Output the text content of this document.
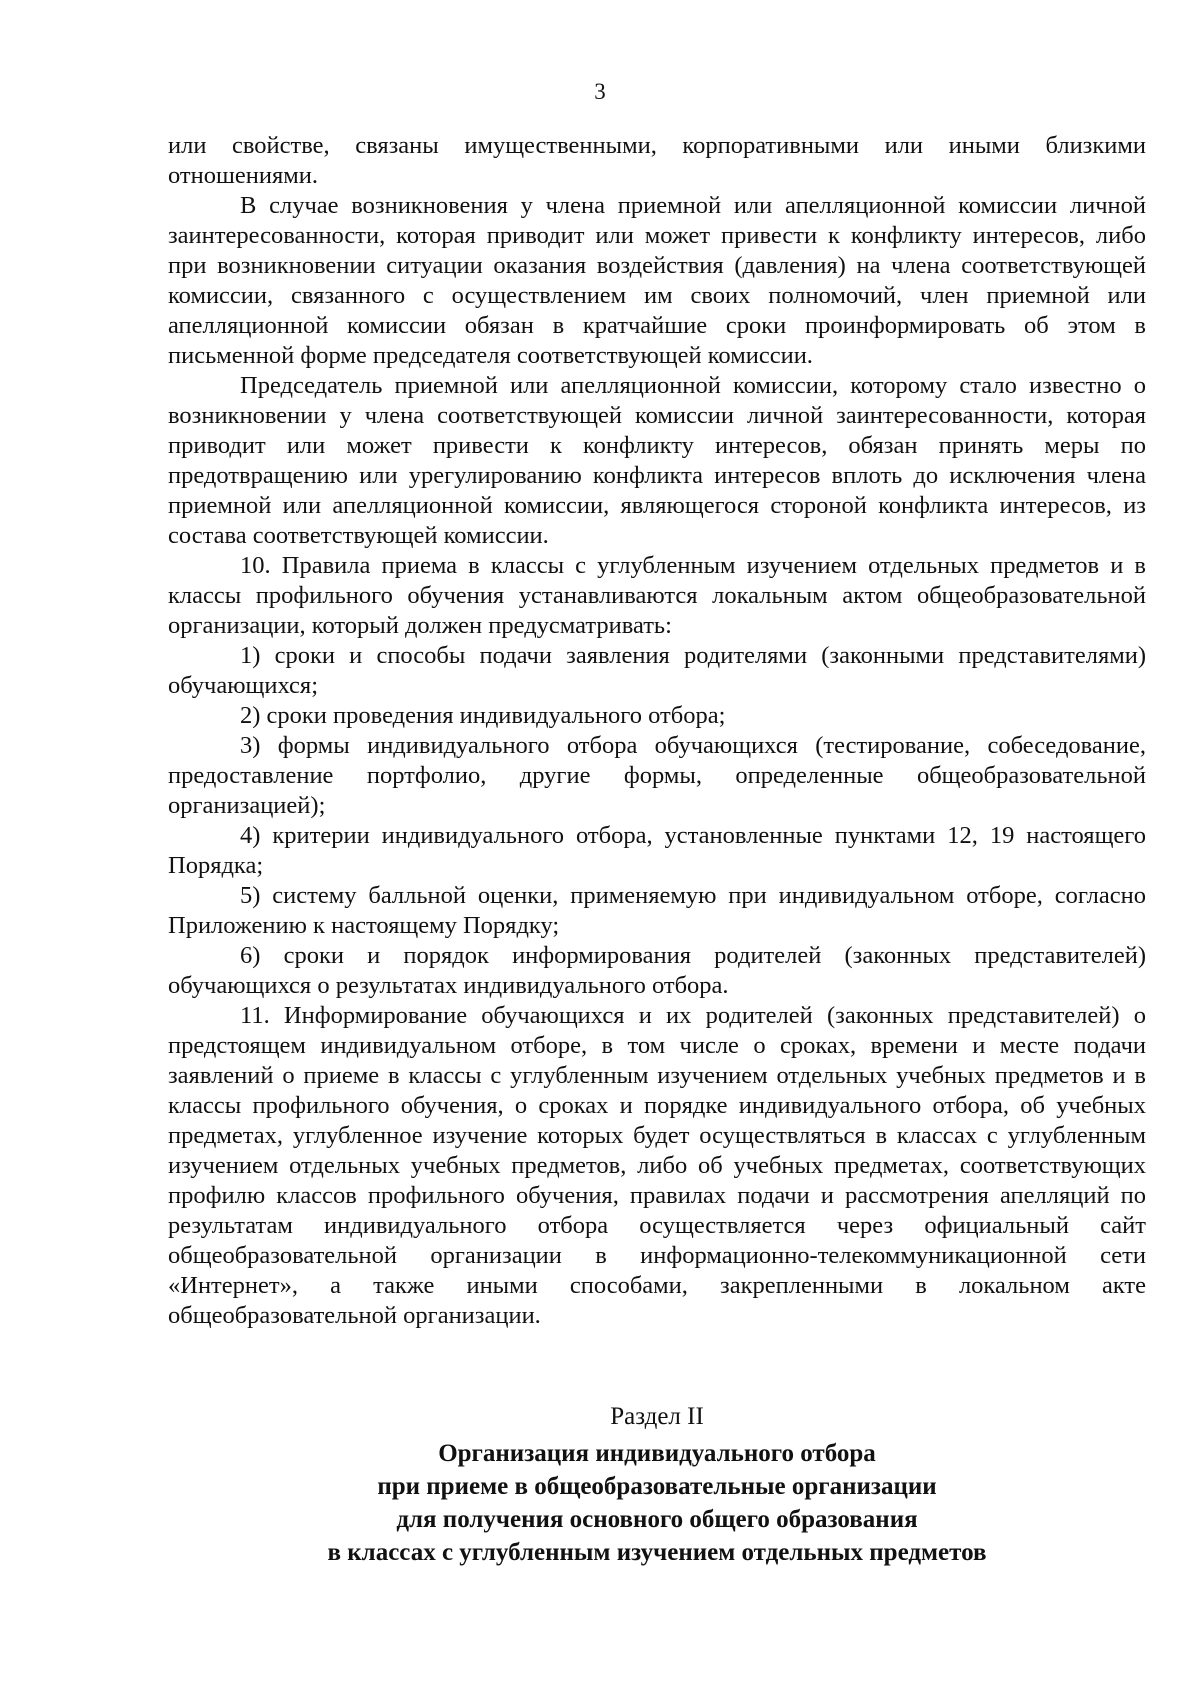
3

или свойстве, связаны имущественными, корпоративными или иными близкими отношениями.

В случае возникновения у члена приемной или апелляционной комиссии личной заинтересованности, которая приводит или может привести к конфликту интересов, либо при возникновении ситуации оказания воздействия (давления) на члена соответствующей комиссии, связанного с осуществлением им своих полномочий, член приемной или апелляционной комиссии обязан в кратчайшие сроки проинформировать об этом в письменной форме председателя соответствующей комиссии.

Председатель приемной или апелляционной комиссии, которому стало известно о возникновении у члена соответствующей комиссии личной заинтересованности, которая приводит или может привести к конфликту интересов, обязан принять меры по предотвращению или урегулированию конфликта интересов вплоть до исключения члена приемной или апелляционной комиссии, являющегося стороной конфликта интересов, из состава соответствующей комиссии.

10. Правила приема в классы с углубленным изучением отдельных предметов и в классы профильного обучения устанавливаются локальным актом общеобразовательной организации, который должен предусматривать:

1) сроки и способы подачи заявления родителями (законными представителями) обучающихся;

2) сроки проведения индивидуального отбора;

3) формы индивидуального отбора обучающихся (тестирование, собеседование, предоставление портфолио, другие формы, определенные общеобразовательной организацией);

4) критерии индивидуального отбора, установленные пунктами 12, 19 настоящего Порядка;

5) систему балльной оценки, применяемую при индивидуальном отборе, согласно Приложению к настоящему Порядку;

6) сроки и порядок информирования родителей (законных представителей) обучающихся о результатах индивидуального отбора.

11. Информирование обучающихся и их родителей (законных представителей) о предстоящем индивидуальном отборе, в том числе о сроках, времени и месте подачи заявлений о приеме в классы с углубленным изучением отдельных учебных предметов и в классы профильного обучения, о сроках и порядке индивидуального отбора, об учебных предметах, углубленное изучение которых будет осуществляться в классах с углубленным изучением отдельных учебных предметов, либо об учебных предметах, соответствующих профилю классов профильного обучения, правилах подачи и рассмотрения апелляций по результатам индивидуального отбора осуществляется через официальный сайт общеобразовательной организации в информационно-телекоммуникационной сети «Интернет», а также иными способами, закрепленными в локальном акте общеобразовательной организации.

Раздел II
Организация индивидуального отбора
при приеме в общеобразовательные организации
для получения основного общего образования
в классах с углубленным изучением отдельных предметов
